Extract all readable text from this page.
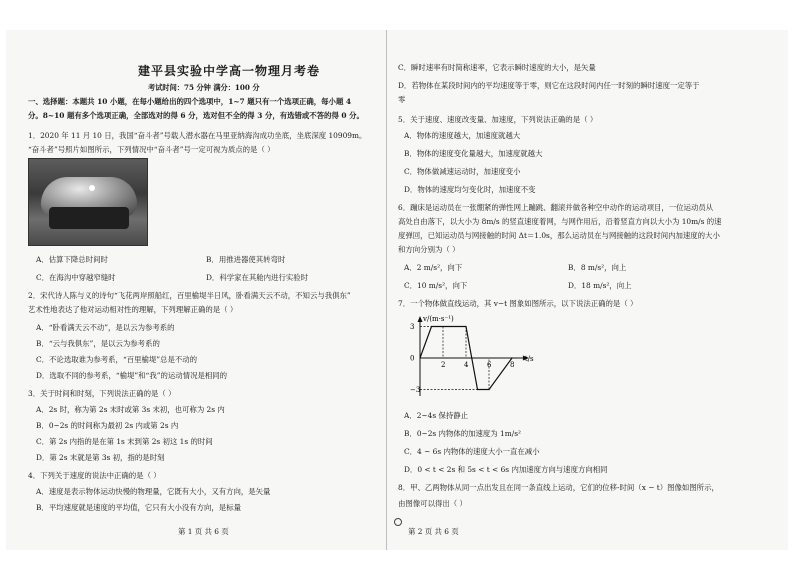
建平县实验中学高一物理月考卷
考试时间：75 分钟 满分：100 分
一、选择题：本题共 10 小题，在每小题给出的四个选项中，1~7 题只有一个选项正确，每小题 4
分。8~10 题有多个选项正确，全部选对的得 6 分，选对但不全的得 3 分，有选错或不答的得 0 分。
1．2020 年 11 月 10 日，我国“奋斗者”号载人潜水器在马里亚纳海沟成功坐底，坐底深度 10909m。
“奋斗者”号照片如图所示，下列情况中“奋斗者”号一定可视为质点的是（ ）
A．估算下降总时间时	B．用推进器使其转弯时
C．在海沟中穿越窄缝时	D．科学家在其舱内进行实验时
2．宋代诗人陈与义的诗句“飞花两岸照船红，百里榆堤半日风，卧看满天云不动，不知云与我俱东”
艺术性地表达了他对运动相对性的理解，下列理解正确的是（ ）
A．“卧看满天云不动”，是以云为参考系的
B．“云与我俱东”，是以云为参考系的
C．不论选取谁为参考系，“百里榆堤”总是不动的
D．选取不同的参考系，“榆堤”和“我”的运动情况是相同的
3．关于时间和时刻，下列说法正确的是（ ）
A．2s 时，称为第 2s 末时或第 3s 末初，也可称为 2s 内
B．0~2s 的时间称为最初 2s 内或第 2s 内
C．第 2s 内指的是在第 1s 末到第 2s 初这 1s 的时间
D．第 2s 末就是第 3s 初，指的是时刻
4．下列关于速度的说法中正确的是（ ）
A．速度是表示物体运动快慢的物理量，它既有大小，又有方向，是矢量
B．平均速度就是速度的平均值，它只有大小没有方向，是标量
第 1 页 共 6 页
C．瞬时速率有时简称速率，它表示瞬时速度的大小，是矢量
D．若物体在某段时间内的平均速度等于零，则它在这段时间内任一时刻的瞬时速度一定等于
零
5．关于速度、速度改变量、加速度，下列说法正确的是（ ）
A．物体的速度越大，加速度就越大
B．物体的速度变化量越大，加速度就越大
C．物体做减速运动时，加速度变小
D．物体的速度均匀变化时，加速度不变
6．蹦床是运动员在一张绷紧的弹性网上蹦跳、翻滚并做各种空中动作的运动项目，一位运动员从
高处自由落下，以大小为 8m/s 的竖直速度着网，与网作用后，沿着竖直方向以大小为 10m/s 的速
度弹回，已知运动员与网接触的时间 Δt＝1.0s，那么运动员在与网接触的这段时间内加速度的大小
和方向分别为（ ）
A．2 m/s²，向下	B．8 m/s²，向上
C．10 m/s²，向下	D．18 m/s²，向上
7．一个物体做直线运动，其 v−t 图象如图所示，以下说法正确的是（ ）
v/(m·s⁻¹)
t/s
2	4	6	8
3
0
−3
A．2~4s 保持静止
B．0~2s 内物体的加速度为 1m/s²
C．4 ~ 6s 内物体的速度大小一直在减小
D．0 < t < 2s 和 5s < t < 6s 内加速度方向与速度方向相同
8．甲、乙两物体从同一点出发且在同一条直线上运动，它们的位移-时间（x − t）图像如图所示，
由图像可以得出（ ）
第 2 页 共 6 页
